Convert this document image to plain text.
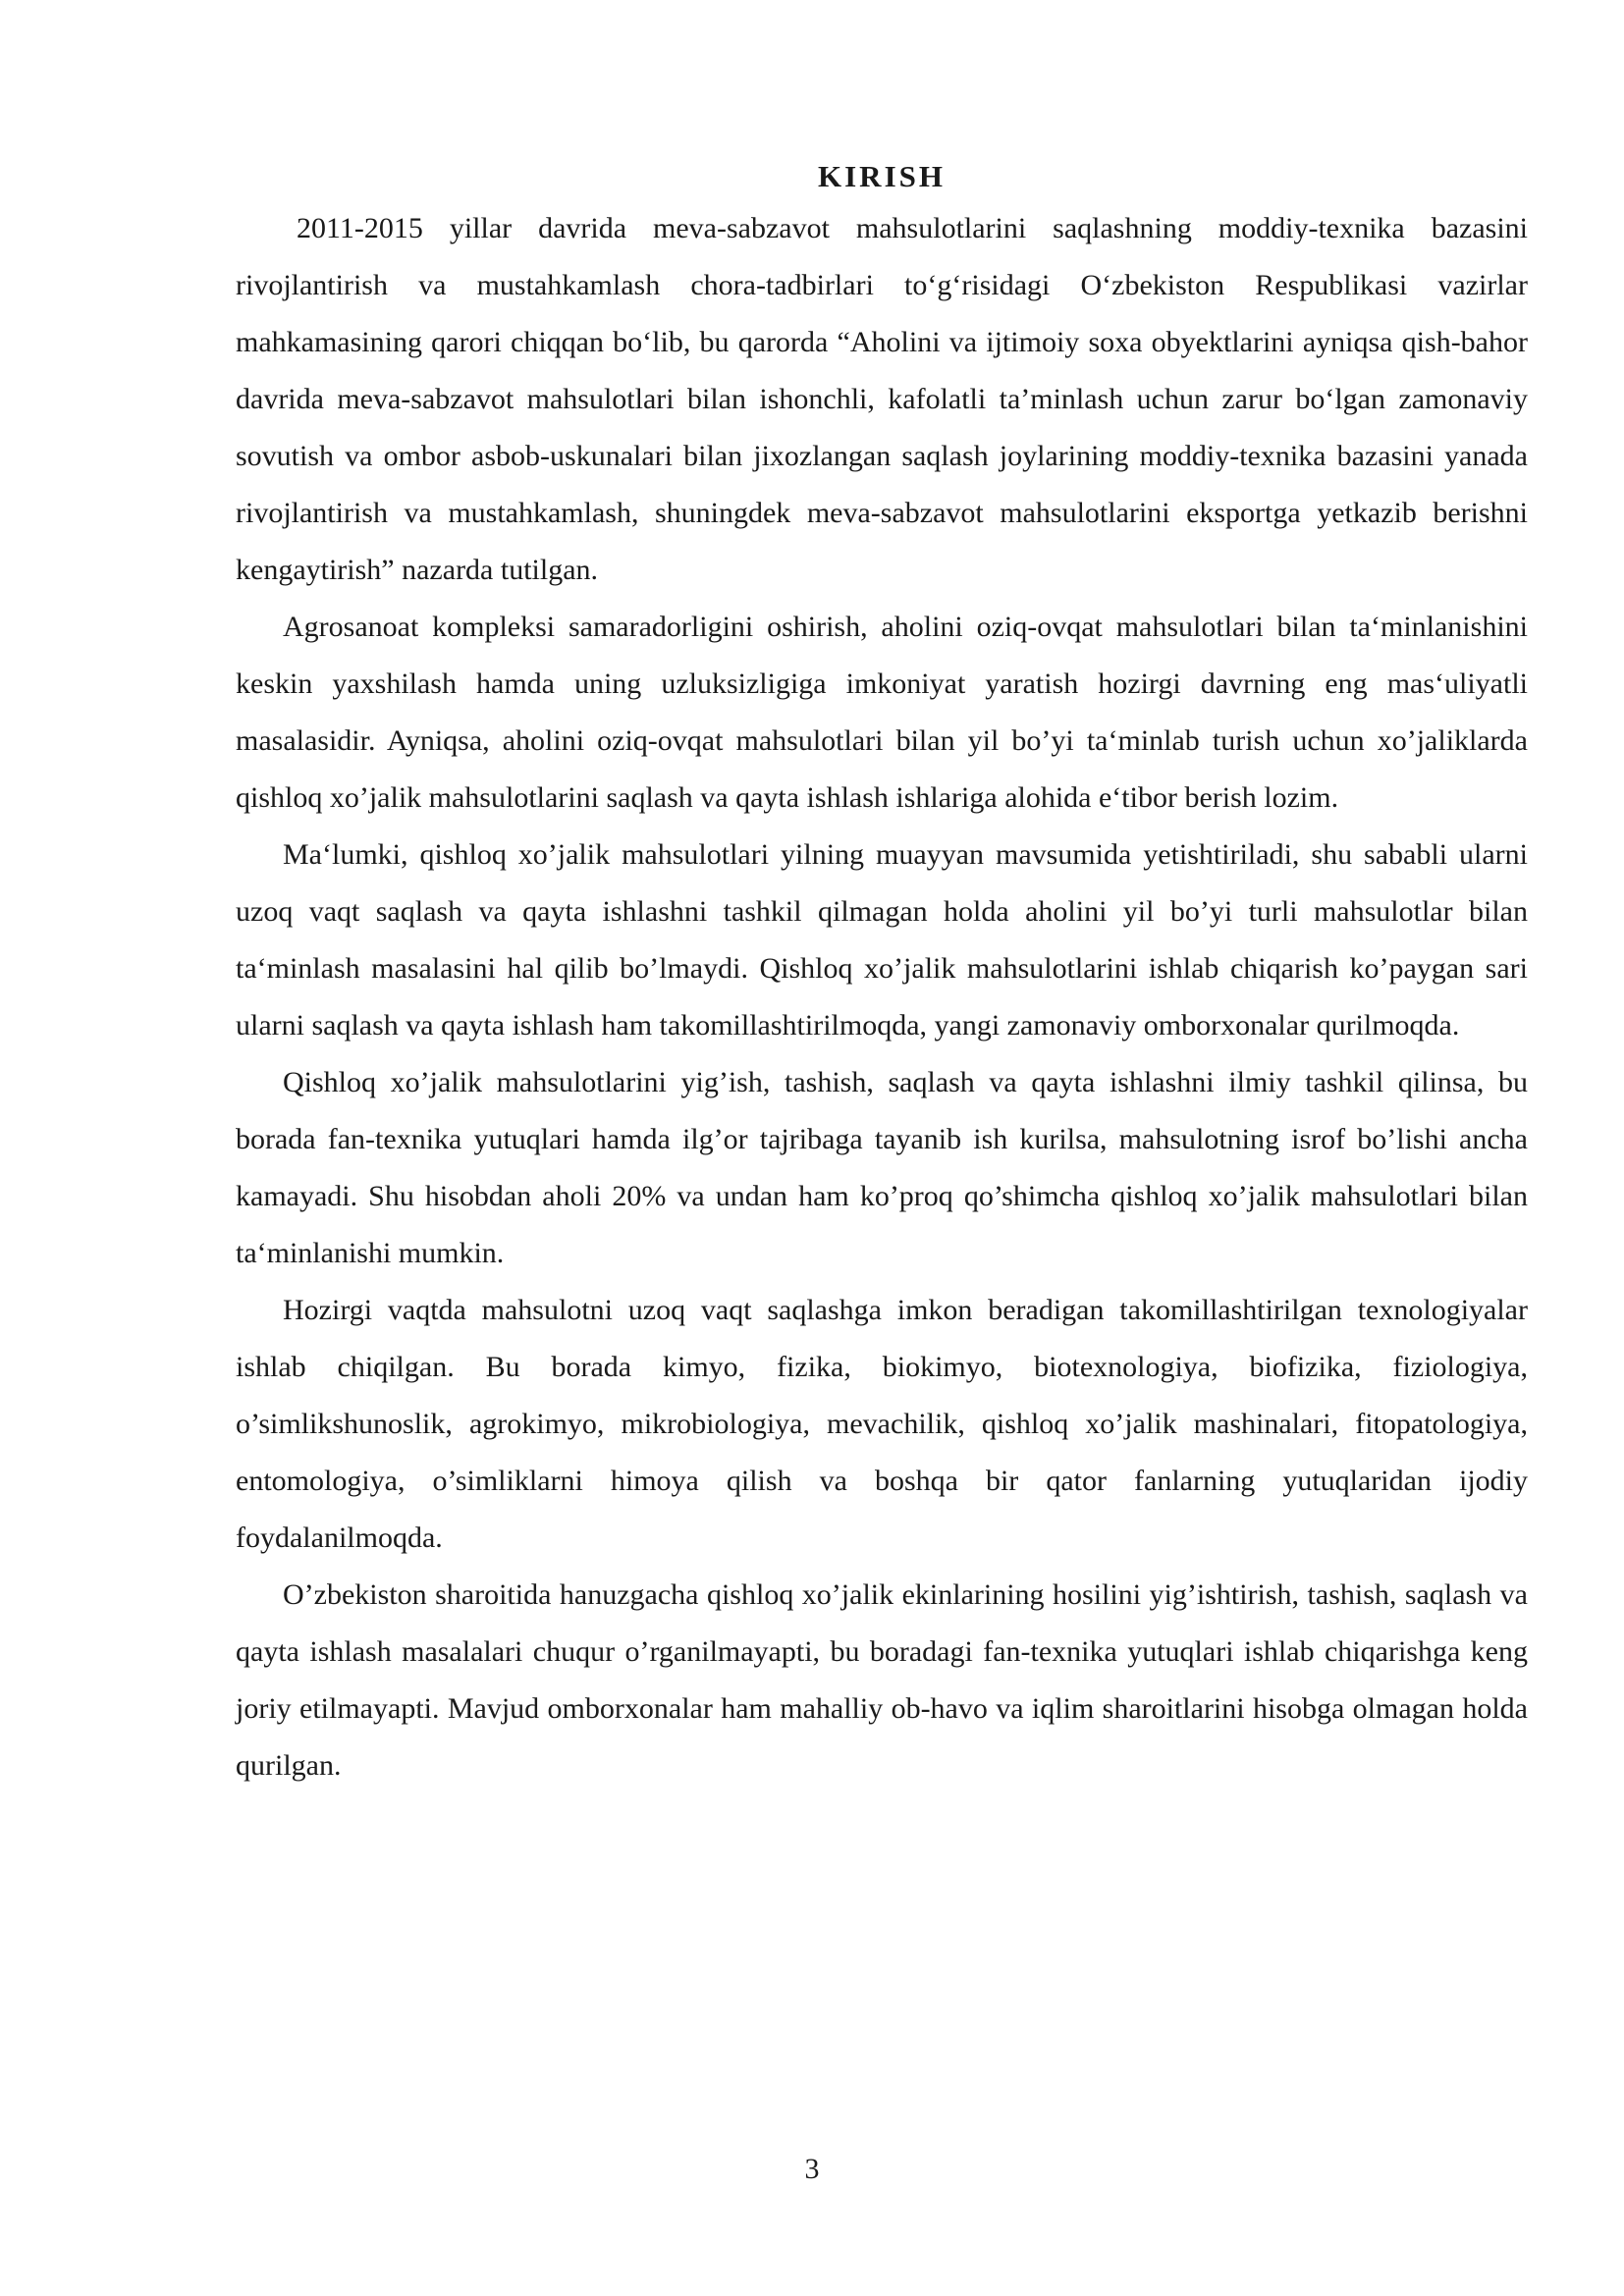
KIRISH

2011-2015 yillar davrida meva-sabzavot mahsulotlarini saqlashning moddiy-texnika bazasini rivojlantirish va mustahkamlash chora-tadbirlari to‘g‘risidagi O‘zbekiston Respublikasi vazirlar mahkamasining qarori chiqqan bo‘lib, bu qarorda “Aholini va ijtimoiy soxa obyektlarini ayniqsa qish-bahor davrida meva-sabzavot mahsulotlari bilan ishonchli, kafolatli ta’minlash uchun zarur bo‘lgan zamonaviy sovutish va ombor asbob-uskunalari bilan jixozlangan saqlash joylarining moddiy-texnika bazasini yanada rivojlantirish va mustahkamlash, shuningdek meva-sabzavot mahsulotlarini eksportga yetkazib berishni kengaytirish” nazarda tutilgan.

Agrosanoat kompleksi samaradorligini oshirish, aholini oziq-ovqat mahsulotlari bilan ta‘minlanishini keskin yaxshilash hamda uning uzluksizligiga imkoniyat yaratish hozirgi davrning eng mas‘uliyatli masalasidir. Ayniqsa, aholini oziq-ovqat mahsulotlari bilan yil bo’yi ta‘minlab turish uchun xo’jaliklarda qishloq xo’jalik mahsulotlarini saqlash va qayta ishlash ishlariga alohida e‘tibor berish lozim.

Ma‘lumki, qishloq xo’jalik mahsulotlari yilning muayyan mavsumida yetishtiriladi, shu sababli ularni uzoq vaqt saqlash va qayta ishlashni tashkil qilmagan holda aholini yil bo’yi turli mahsulotlar bilan ta‘minlash masalasini hal qilib bo’lmaydi. Qishloq xo’jalik mahsulotlarini ishlab chiqarish ko’paygan sari ularni saqlash va qayta ishlash ham takomillashtirilmoqda, yangi zamonaviy omborxonalar qurilmoqda.

Qishloq xo’jalik mahsulotlarini yig’ish, tashish, saqlash va qayta ishlashni ilmiy tashkil qilinsa, bu borada fan-texnika yutuqlari hamda ilg’or tajribaga tayanib ish kurilsa, mahsulotning isrof bo’lishi ancha kamayadi. Shu hisobdan aholi 20% va undan ham ko’proq qo’shimcha qishloq xo’jalik mahsulotlari bilan ta‘minlanishi mumkin.

Hozirgi vaqtda mahsulotni uzoq vaqt saqlashga imkon beradigan takomillashtirilgan texnologiyalar ishlab chiqilgan. Bu borada kimyo, fizika, biokimyo, biotexnologiya, biofizika, fiziologiya, o’simlikshunoslik, agrokimyo, mikrobiologiya, mevachilik, qishloq xo’jalik mashinalari, fitopatologiya, entomologiya, o’simliklarni himoya qilish va boshqa bir qator fanlarning yutuqlaridan ijodiy foydalanilmoqda.

O’zbekiston sharoitida hanuzgacha qishloq xo’jalik ekinlarining hosilini yig’ishtirish, tashish, saqlash va qayta ishlash masalalari chuqur o’rganilmayapti, bu boradagi fan-texnika yutuqlari ishlab chiqarishga keng joriy etilmayapti. Mavjud omborxonalar ham mahalliy ob-havo va iqlim sharoitlarini hisobga olmagan holda qurilgan.

3
